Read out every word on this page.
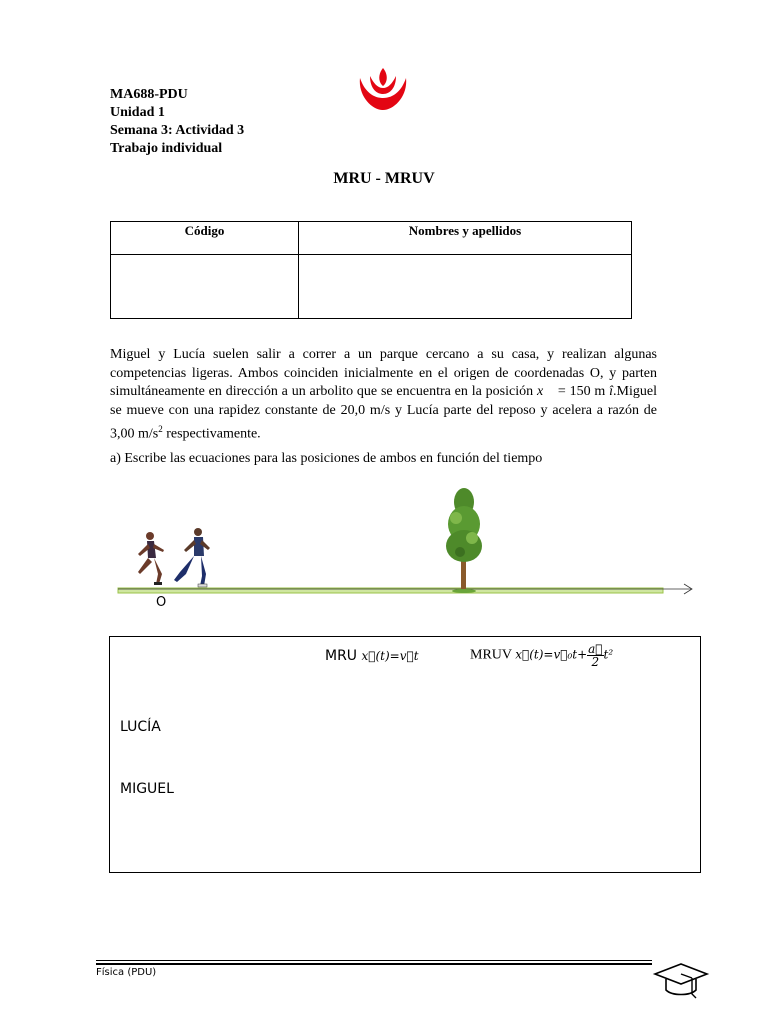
MA688-PDU
Unidad 1
Semana 3: Actividad 3
Trabajo individual
MRU - MRUV
Código	Nombres y apellidos

Miguel y Lucía suelen salir a correr a un parque cercano a su casa, y realizan algunas competencias ligeras. Ambos coinciden inicialmente en el origen de coordenadas O, y parten simultáneamente en dirección a un arbolito que se encuentra en la posición x⃗ = 150 m î.Miguel se mueve con una rapidez constante de 20,0 m/s y Lucía parte del reposo y acelera a razón de 3,00 $m/s^2$ respectivamente.
a) Escribe las ecuaciones para las posiciones de ambos en función del tiempo
O
MRU x⃗(t)=v⃗t	MRUV x⃗(t)=v⃗₀t+ $\frac{a⃗}{2} t^2$
LUCÍA
MIGUEL
Física (PDU)
